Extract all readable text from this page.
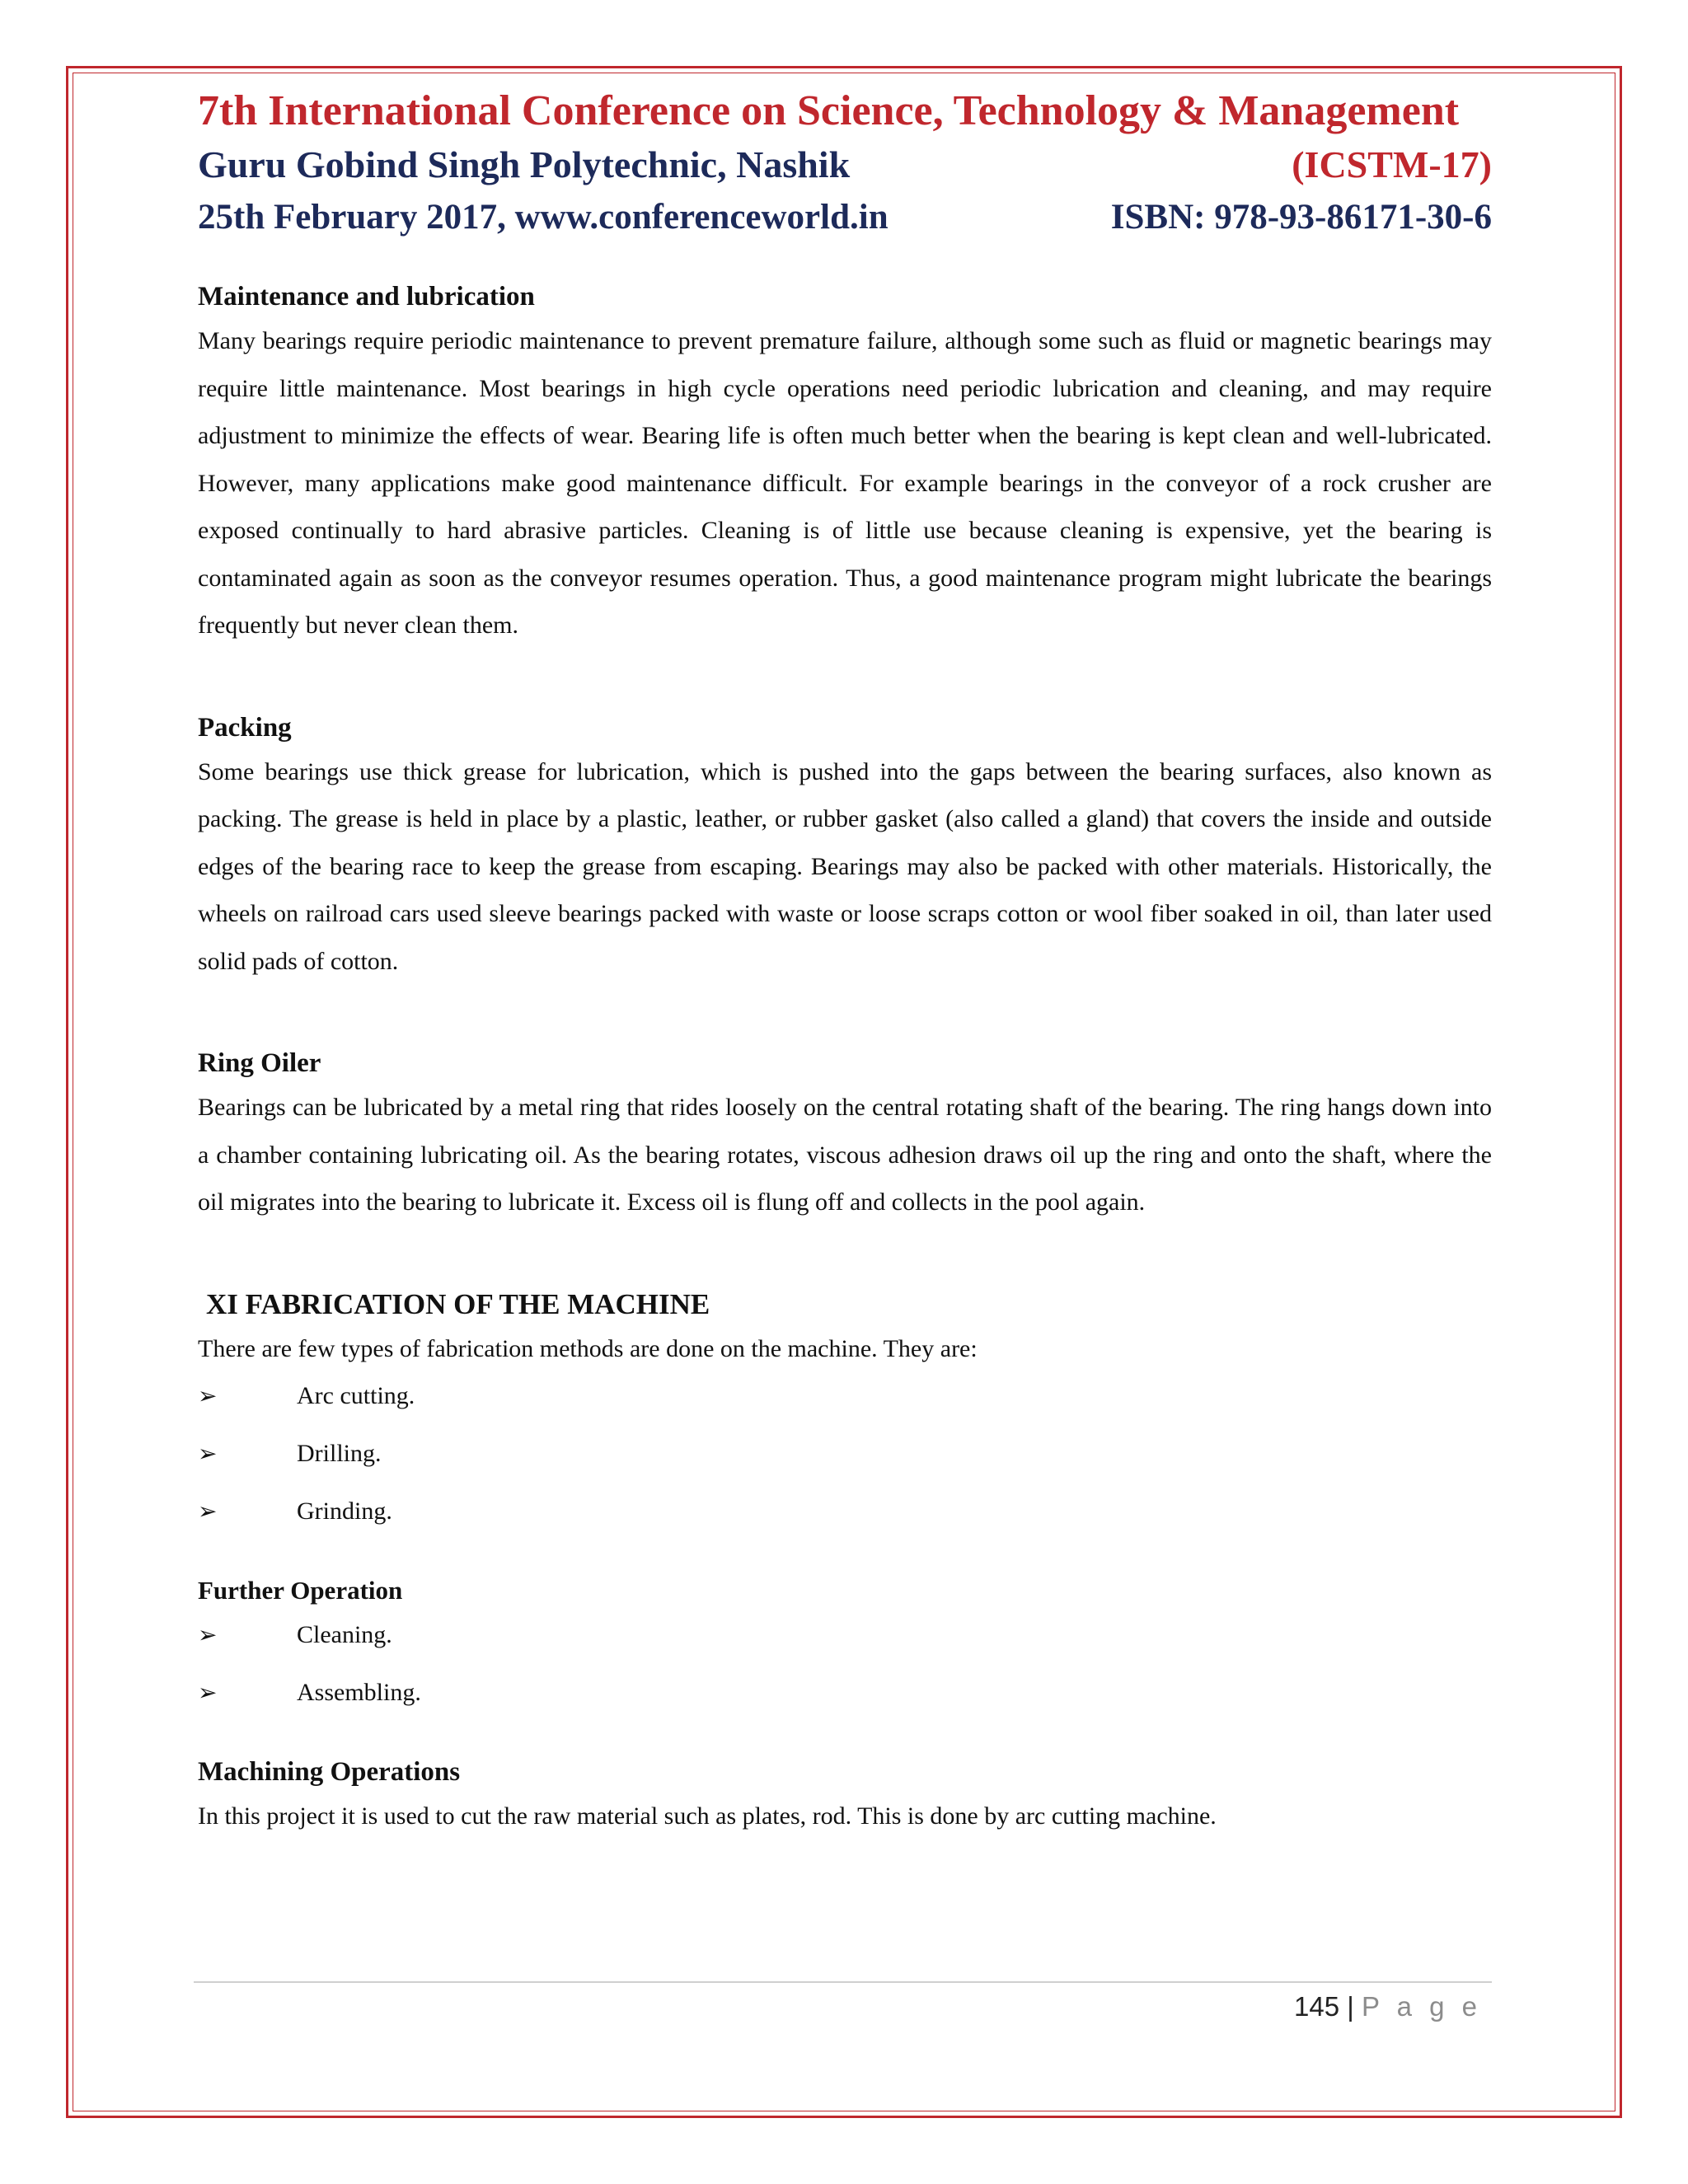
7th International Conference on Science, Technology & Management
Guru Gobind Singh Polytechnic, Nashik	(ICSTM-17)
25th February 2017, www.conferenceworld.in	ISBN: 978-93-86171-30-6
Maintenance and lubrication

Many bearings require periodic maintenance to prevent premature failure, although some such as fluid or magnetic bearings may require little maintenance. Most bearings in high cycle operations need periodic lubrication and cleaning, and may require adjustment to minimize the effects of wear. Bearing life is often much better when the bearing is kept clean and well-lubricated. However, many applications make good maintenance difficult. For example bearings in the conveyor of a rock crusher are exposed continually to hard abrasive particles. Cleaning is of little use because cleaning is expensive, yet the bearing is contaminated again as soon as the conveyor resumes operation. Thus, a good maintenance program might lubricate the bearings frequently but never clean them.

Packing

Some bearings use thick grease for lubrication, which is pushed into the gaps between the bearing surfaces, also known as packing. The grease is held in place by a plastic, leather, or rubber gasket (also called a gland) that covers the inside and outside edges of the bearing race to keep the grease from escaping. Bearings may also be packed with other materials. Historically, the wheels on railroad cars used sleeve bearings packed with waste or loose scraps cotton or wool fiber soaked in oil, than later used solid pads of cotton.

Ring Oiler

Bearings can be lubricated by a metal ring that rides loosely on the central rotating shaft of the bearing. The ring hangs down into a chamber containing lubricating oil. As the bearing rotates, viscous adhesion draws oil up the ring and onto the shaft, where the oil migrates into the bearing to lubricate it. Excess oil is flung off and collects in the pool again.

XI FABRICATION OF THE MACHINE

There are few types of fabrication methods are done on the machine. They are:

➢	Arc cutting.
➢	Drilling.
➢	Grinding.
Further Operation
➢	Cleaning.
➢	Assembling.
Machining Operations

In this project it is used to cut the raw material such as plates, rod. This is done by arc cutting machine.

145 | P a g e
